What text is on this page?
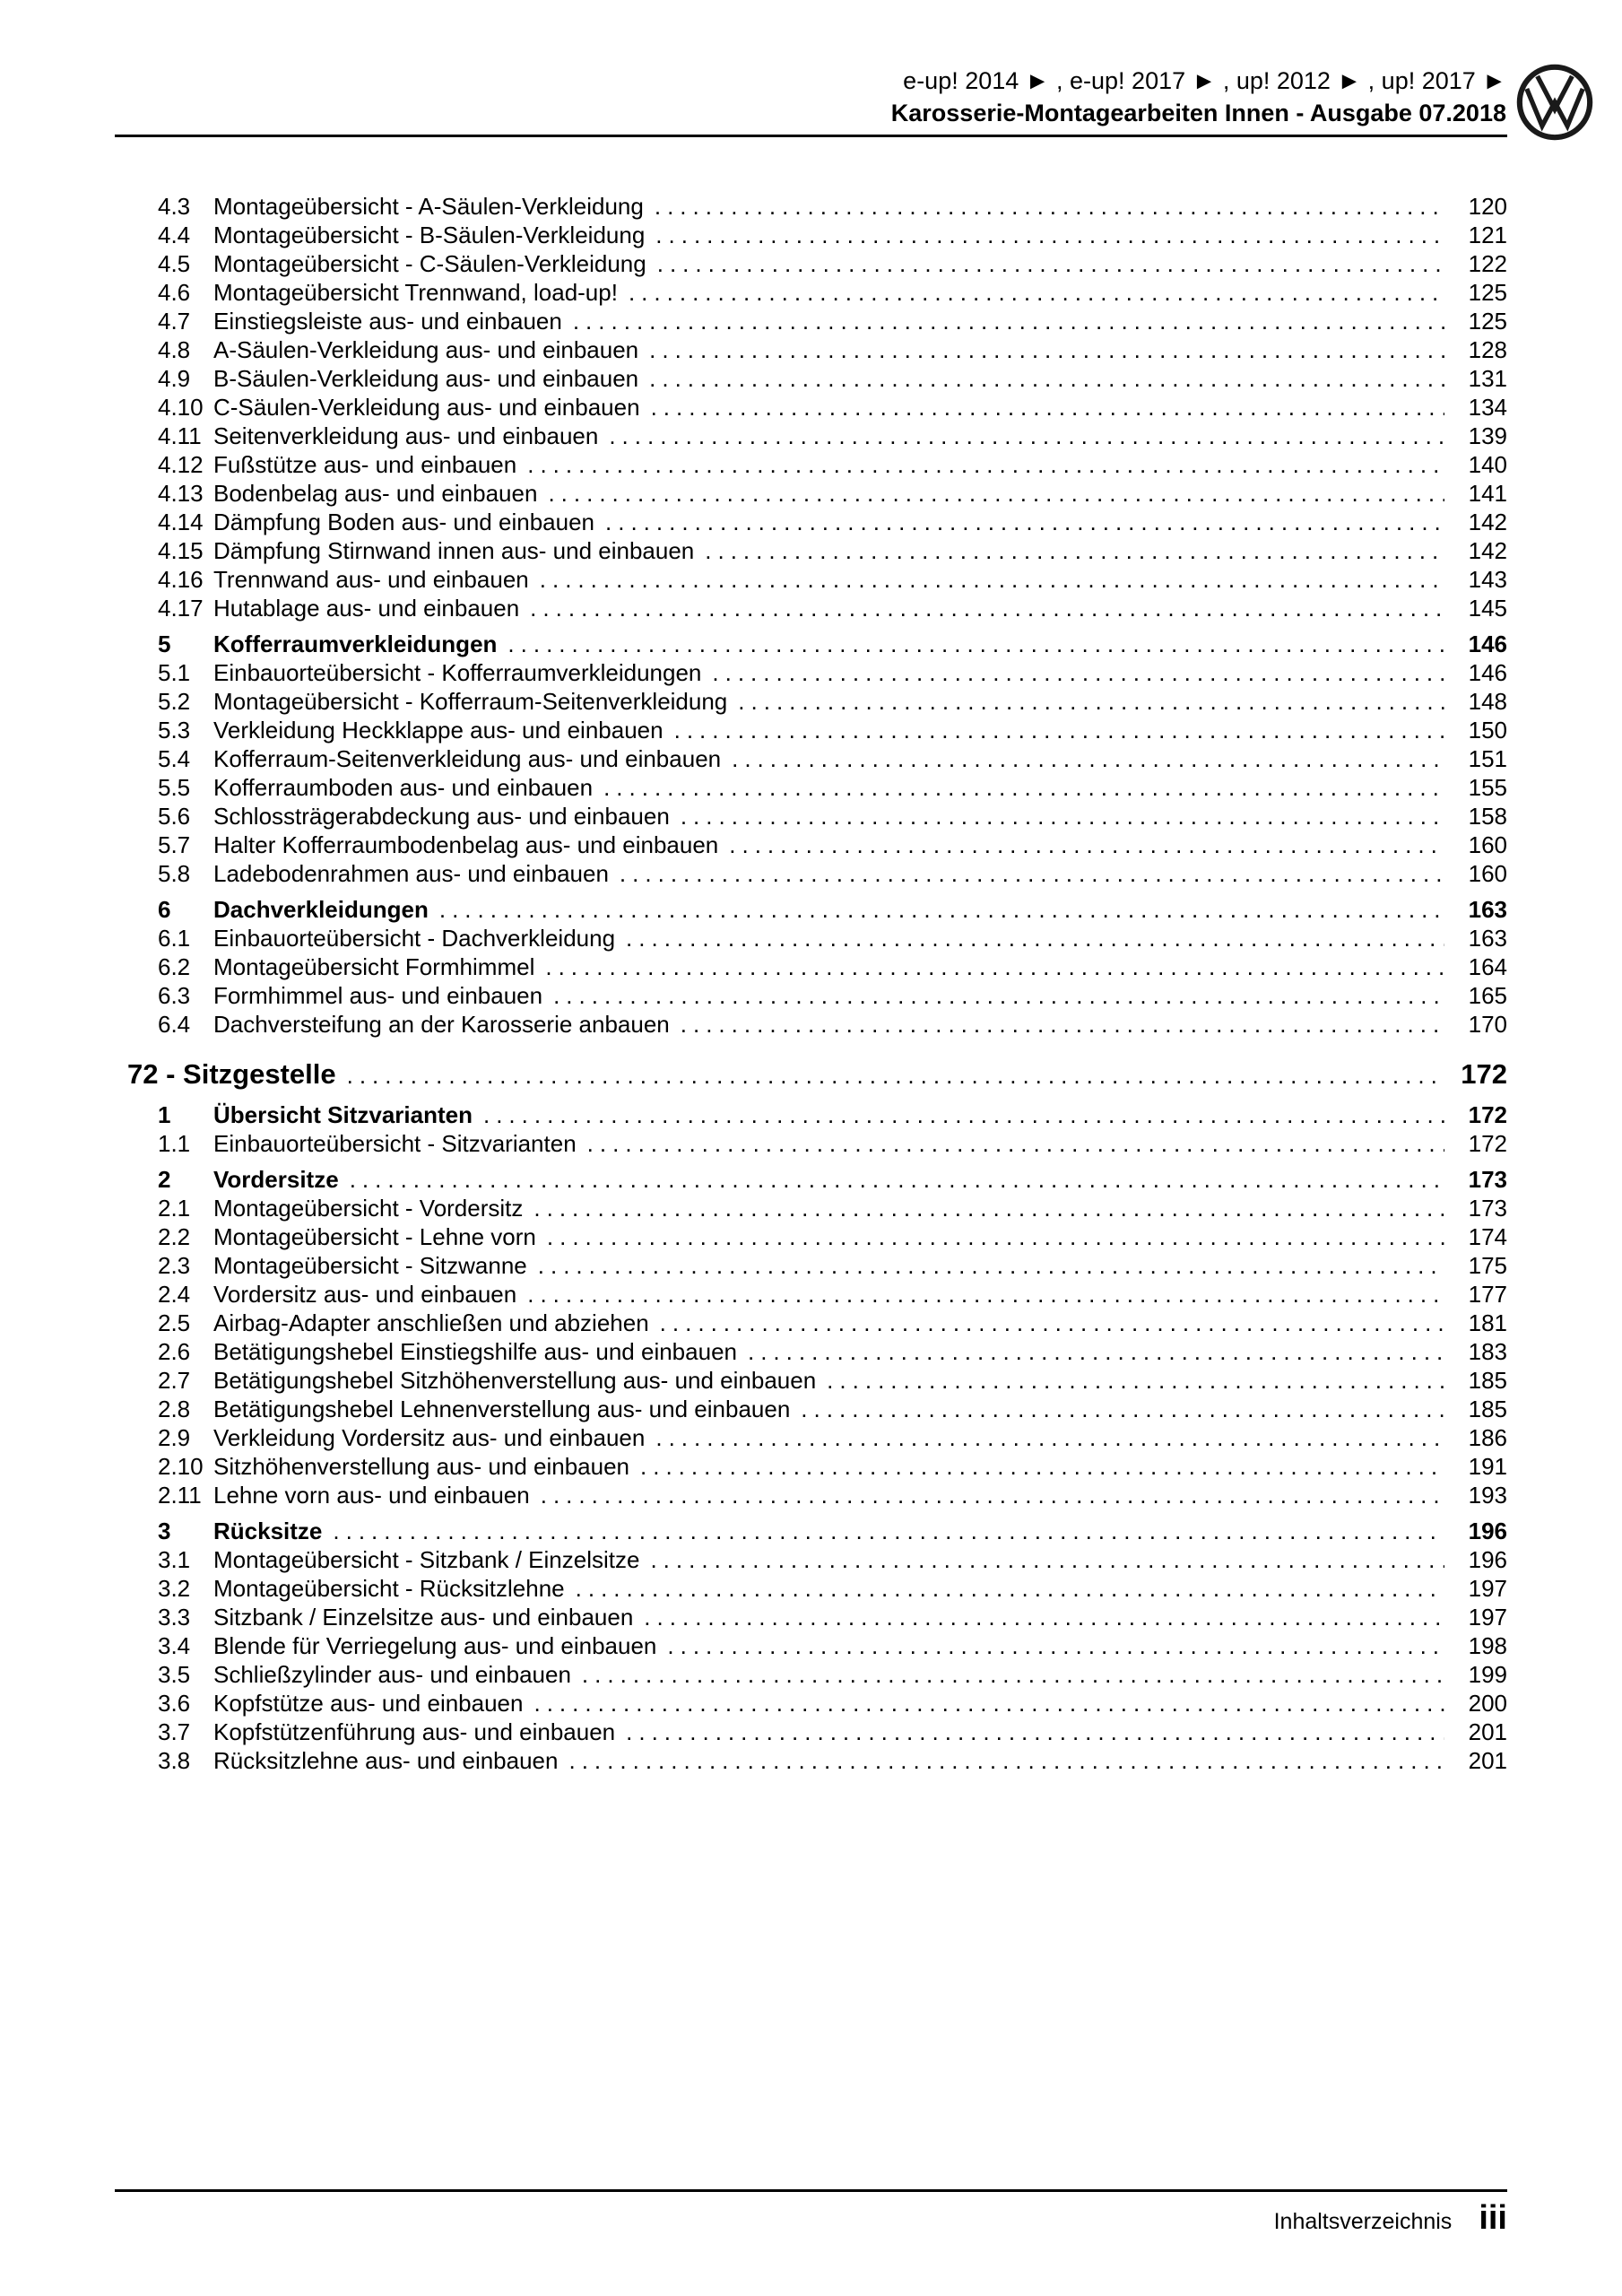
e-up! 2014 ► , e-up! 2017 ► , up! 2012 ► , up! 2017 ►
Karosserie-Montagearbeiten Innen - Ausgabe 07.2018
4.3 Montageübersicht - A-Säulen-Verkleidung .....	120
4.4 Montageübersicht - B-Säulen-Verkleidung .....	121
4.5 Montageübersicht - C-Säulen-Verkleidung .....	122
4.6 Montageübersicht Trennwand, load-up! .....	125
4.7 Einstiegsleiste aus- und einbauen .....	125
4.8 A-Säulen-Verkleidung aus- und einbauen .....	128
4.9 B-Säulen-Verkleidung aus- und einbauen .....	131
4.10 C-Säulen-Verkleidung aus- und einbauen .....	134
4.11 Seitenverkleidung aus- und einbauen .....	139
4.12 Fußstütze aus- und einbauen .....	140
4.13 Bodenbelag aus- und einbauen .....	141
4.14 Dämpfung Boden aus- und einbauen .....	142
4.15 Dämpfung Stirnwand innen aus- und einbauen .....	142
4.16 Trennwand aus- und einbauen .....	143
4.17 Hutablage aus- und einbauen .....	145
5	Kofferraumverkleidungen .....	146
5.1 Einbauorteübersicht - Kofferraumverkleidungen .....	146
5.2 Montageübersicht - Kofferraum-Seitenverkleidung .....	148
5.3 Verkleidung Heckklappe aus- und einbauen .....	150
5.4 Kofferraum-Seitenverkleidung aus- und einbauen .....	151
5.5 Kofferraumboden aus- und einbauen .....	155
5.6 Schlossträgerabdeckung aus- und einbauen .....	158
5.7 Halter Kofferraumbodenbelag aus- und einbauen .....	160
5.8 Ladebodenrahmen aus- und einbauen .....	160
6	Dachverkleidungen .....	163
6.1 Einbauorteübersicht - Dachverkleidung .....	163
6.2 Montageübersicht Formhimmel .....	164
6.3 Formhimmel aus- und einbauen .....	165
6.4 Dachversteifung an der Karosserie anbauen .....	170
72 - Sitzgestelle .....	172
1	Übersicht Sitzvarianten .....	172
1.1 Einbauorteübersicht - Sitzvarianten .....	172
2	Vordersitze .....	173
2.1 Montageübersicht - Vordersitz .....	173
2.2 Montageübersicht - Lehne vorn .....	174
2.3 Montageübersicht - Sitzwanne .....	175
2.4 Vordersitz aus- und einbauen .....	177
2.5 Airbag-Adapter anschließen und abziehen .....	181
2.6 Betätigungshebel Einstiegshilfe aus- und einbauen .....	183
2.7 Betätigungshebel Sitzhöhenverstellung aus- und einbauen .....	185
2.8 Betätigungshebel Lehnenverstellung aus- und einbauen .....	185
2.9 Verkleidung Vordersitz aus- und einbauen .....	186
2.10 Sitzhöhenverstellung aus- und einbauen .....	191
2.11 Lehne vorn aus- und einbauen .....	193
3	Rücksitze .....	196
3.1 Montageübersicht - Sitzbank / Einzelsitze .....	196
3.2 Montageübersicht - Rücksitzlehne .....	197
3.3 Sitzbank / Einzelsitze aus- und einbauen .....	197
3.4 Blende für Verriegelung aus- und einbauen .....	198
3.5 Schließzylinder aus- und einbauen .....	199
3.6 Kopfstütze aus- und einbauen .....	200
3.7 Kopfstützenführung aus- und einbauen .....	201
3.8 Rücksitzlehne aus- und einbauen .....	201
Inhaltsverzeichnis iii
